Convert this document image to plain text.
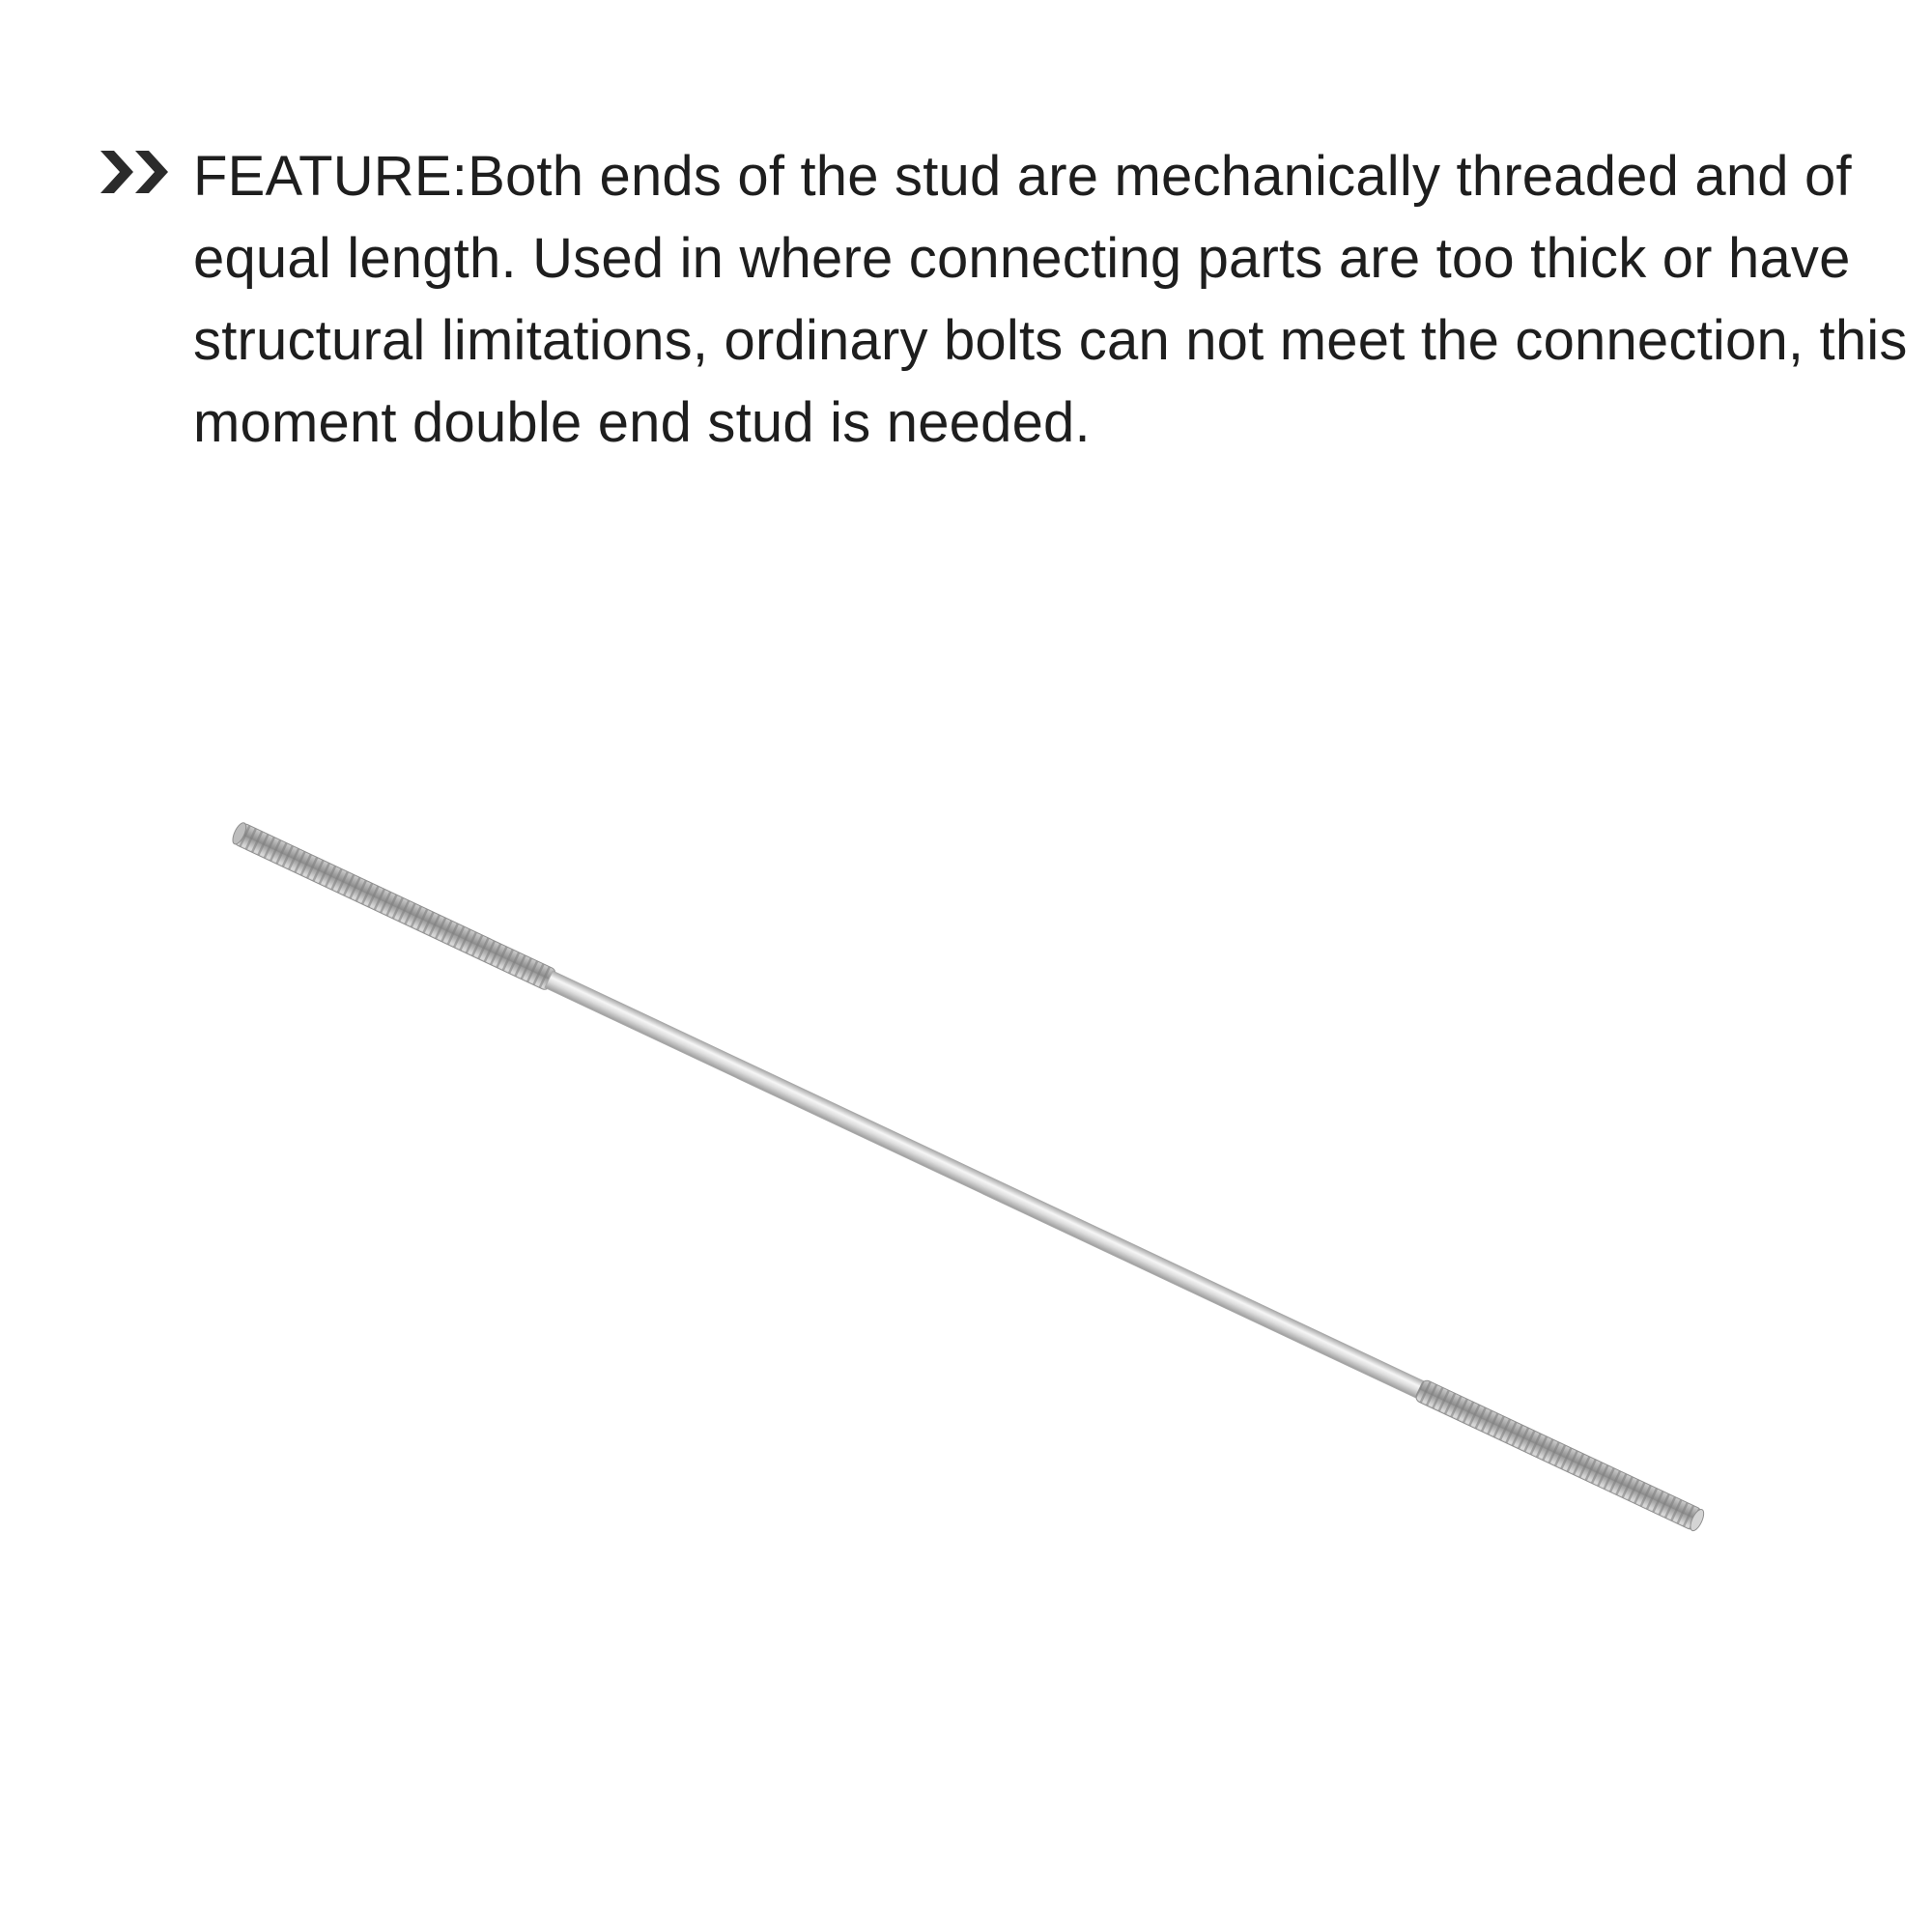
FEATURE:Both ends of the stud are mechanically threaded and of equal length. Used in where connecting parts are too thick or have structural limitations, ordinary bolts can not meet the connection, this moment double end stud is needed.
